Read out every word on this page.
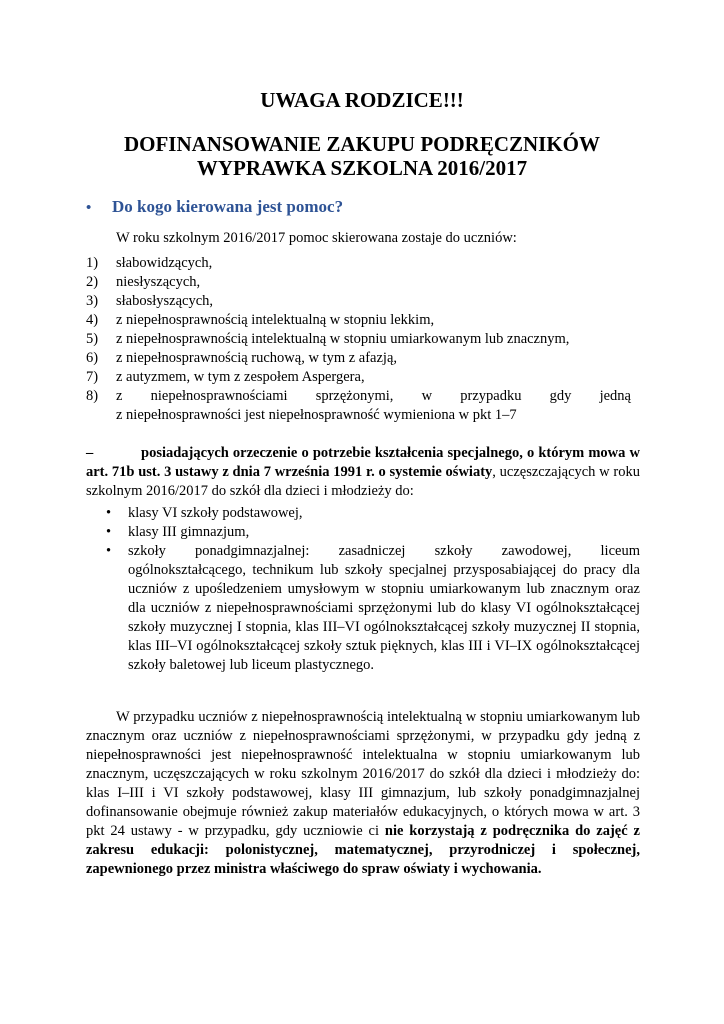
UWAGA RODZICE!!!
DOFINANSOWANIE ZAKUPU PODRĘCZNIKÓW
WYPRAWKA SZKOLNA 2016/2017
• Do kogo kierowana jest pomoc?
W roku szkolnym 2016/2017 pomoc skierowana zostaje do uczniów:
1) słabowidzących,
2) niesłyszących,
3) słabosłyszących,
4) z niepełnosprawnością intelektualną w stopniu lekkim,
5) z niepełnosprawnością intelektualną w stopniu umiarkowanym lub znacznym,
6) z niepełnosprawnością ruchową, w tym z afazją,
7) z autyzmem, w tym z zespołem Aspergera,
8) z niepełnosprawnościami sprzężonymi, w przypadku gdy jedną
z niepełnosprawności jest niepełnosprawność wymieniona w pkt 1–7
–	posiadających orzeczenie o potrzebie kształcenia specjalnego, o którym mowa w art. 71b ust. 3 ustawy z dnia 7 września 1991 r. o systemie oświaty, uczęszczających w roku szkolnym 2016/2017 do szkół dla dzieci i młodzieży do:
• klasy VI szkoły podstawowej,
• klasy III gimnazjum,
• szkoły ponadgimnazjalnej: zasadniczej szkoły zawodowej, liceum
ogólnokształcącego, technikum lub szkoły specjalnej przysposabiającej do pracy dla uczniów z upośledzeniem umysłowym w stopniu umiarkowanym lub znacznym oraz dla uczniów z niepełnosprawnościami sprzężonymi lub do klasy VI ogólnokształcącej szkoły muzycznej I stopnia, klas III–VI ogólnokształcącej szkoły muzycznej II stopnia, klas III–VI ogólnokształcącej szkoły sztuk pięknych, klas III i VI–IX ogólnokształcącej szkoły baletowej lub liceum plastycznego.
W przypadku uczniów z niepełnosprawnością intelektualną w stopniu umiarkowanym lub znacznym oraz uczniów z niepełnosprawnościami sprzężonymi, w przypadku gdy jedną z niepełnosprawności jest niepełnosprawność intelektualna w stopniu umiarkowanym lub znacznym, uczęszczających w roku szkolnym 2016/2017 do szkół dla dzieci i młodzieży do: klas I–III i VI szkoły podstawowej, klasy III gimnazjum, lub szkoły ponadgimnazjalnej dofinansowanie obejmuje również zakup materiałów edukacyjnych, o których mowa w art. 3 pkt 24 ustawy - w przypadku, gdy uczniowie ci nie korzystają z podręcznika do zajęć z zakresu edukacji: polonistycznej, matematycznej, przyrodniczej i społecznej, zapewnionego przez ministra właściwego do spraw oświaty i wychowania.
